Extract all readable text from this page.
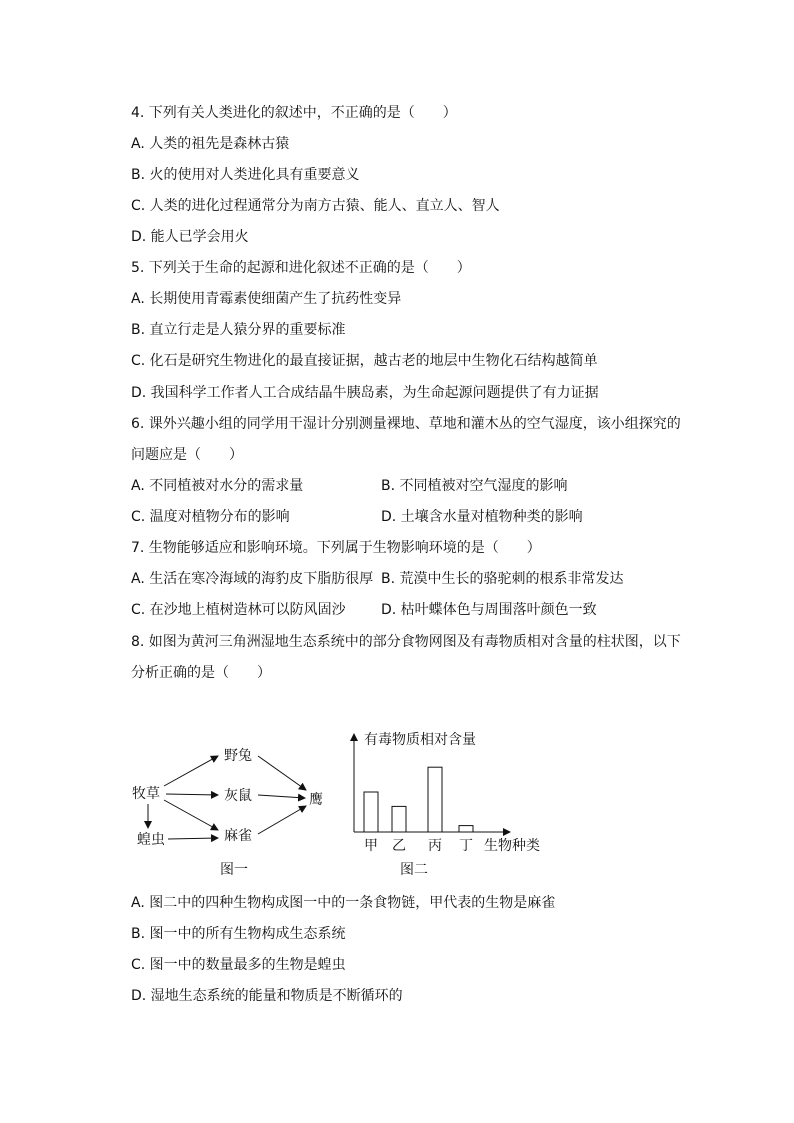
4. 下列有关人类进化的叙述中，不正确的是（　　）
A. 人类的祖先是森林古猿
B. 火的使用对人类进化具有重要意义
C. 人类的进化过程通常分为南方古猿、能人、直立人、智人
D. 能人已学会用火
5. 下列关于生命的起源和进化叙述不正确的是（　　）
A. 长期使用青霉素使细菌产生了抗药性变异
B. 直立行走是人猿分界的重要标准
C. 化石是研究生物进化的最直接证据，越古老的地层中生物化石结构越简单
D. 我国科学工作者人工合成结晶牛胰岛素，为生命起源问题提供了有力证据
6. 课外兴趣小组的同学用干湿计分别测量裸地、草地和灌木丛的空气湿度，该小组探究的
问题应是（　　）
A. 不同植被对水分的需求量	B. 不同植被对空气湿度的影响
C. 温度对植物分布的影响	D. 土壤含水量对植物种类的影响
7. 生物能够适应和影响环境。下列属于生物影响环境的是（　　）
A. 生活在寒冷海域的海豹皮下脂肪很厚 B. 荒漠中生长的骆驼刺的根系非常发达
C. 在沙地上植树造林可以防风固沙	D. 枯叶蝶体色与周围落叶颜色一致
8. 如图为黄河三角洲湿地生态系统中的部分食物网图及有毒物质相对含量的柱状图，以下
分析正确的是（　　）
牧草
野兔
灰鼠	鹰
蝗虫	麻雀
图一
有毒物质相对含量
生物种类
甲 乙 丙 丁
图二
A. 图二中的四种生物构成图一中的一条食物链，甲代表的生物是麻雀
B. 图一中的所有生物构成生态系统
C. 图一中的数量最多的生物是蝗虫
D. 湿地生态系统的能量和物质是不断循环的
